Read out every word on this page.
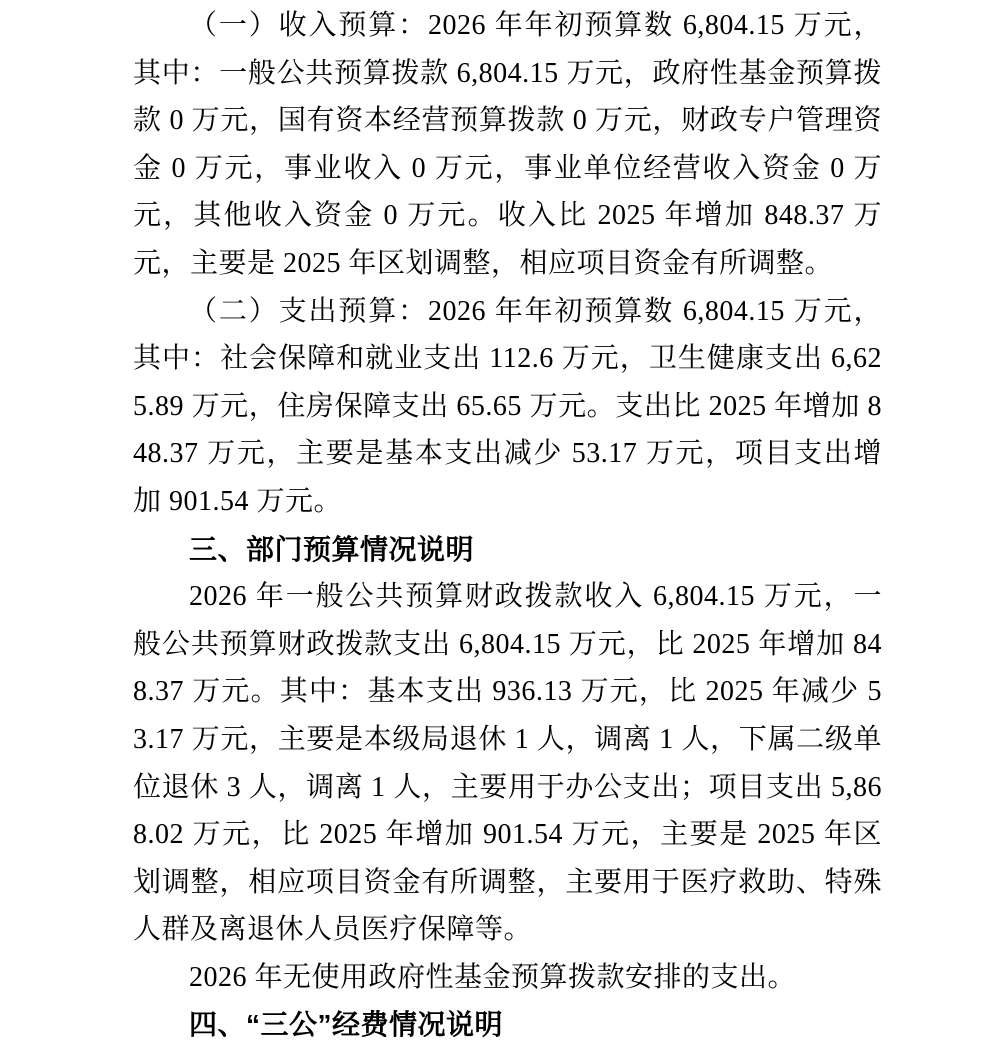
（一）收入预算：2026 年年初预算数 6,804.15 万元，其中：一般公共预算拨款 6,804.15 万元，政府性基金预算拨款 0 万元，国有资本经营预算拨款 0 万元，财政专户管理资金 0 万元，事业收入 0 万元，事业单位经营收入资金 0 万元，其他收入资金 0 万元。收入比 2025 年增加 848.37 万元，主要是 2025 年区划调整，相应项目资金有所调整。

（二）支出预算：2026 年年初预算数 6,804.15 万元，其中：社会保障和就业支出 112.6 万元，卫生健康支出 6,625.89 万元，住房保障支出 65.65 万元。支出比 2025 年增加 848.37 万元，主要是基本支出减少 53.17 万元，项目支出增加 901.54 万元。

三、部门预算情况说明

2026 年一般公共预算财政拨款收入 6,804.15 万元，一般公共预算财政拨款支出 6,804.15 万元，比 2025 年增加 848.37 万元。其中：基本支出 936.13 万元，比 2025 年减少 53.17 万元，主要是本级局退休 1 人，调离 1 人，下属二级单位退休 3 人，调离 1 人，主要用于办公支出；项目支出 5,868.02 万元，比 2025 年增加 901.54 万元，主要是 2025 年区划调整，相应项目资金有所调整，主要用于医疗救助、特殊人群及离退休人员医疗保障等。

2026 年无使用政府性基金预算拨款安排的支出。

四、“三公”经费情况说明
